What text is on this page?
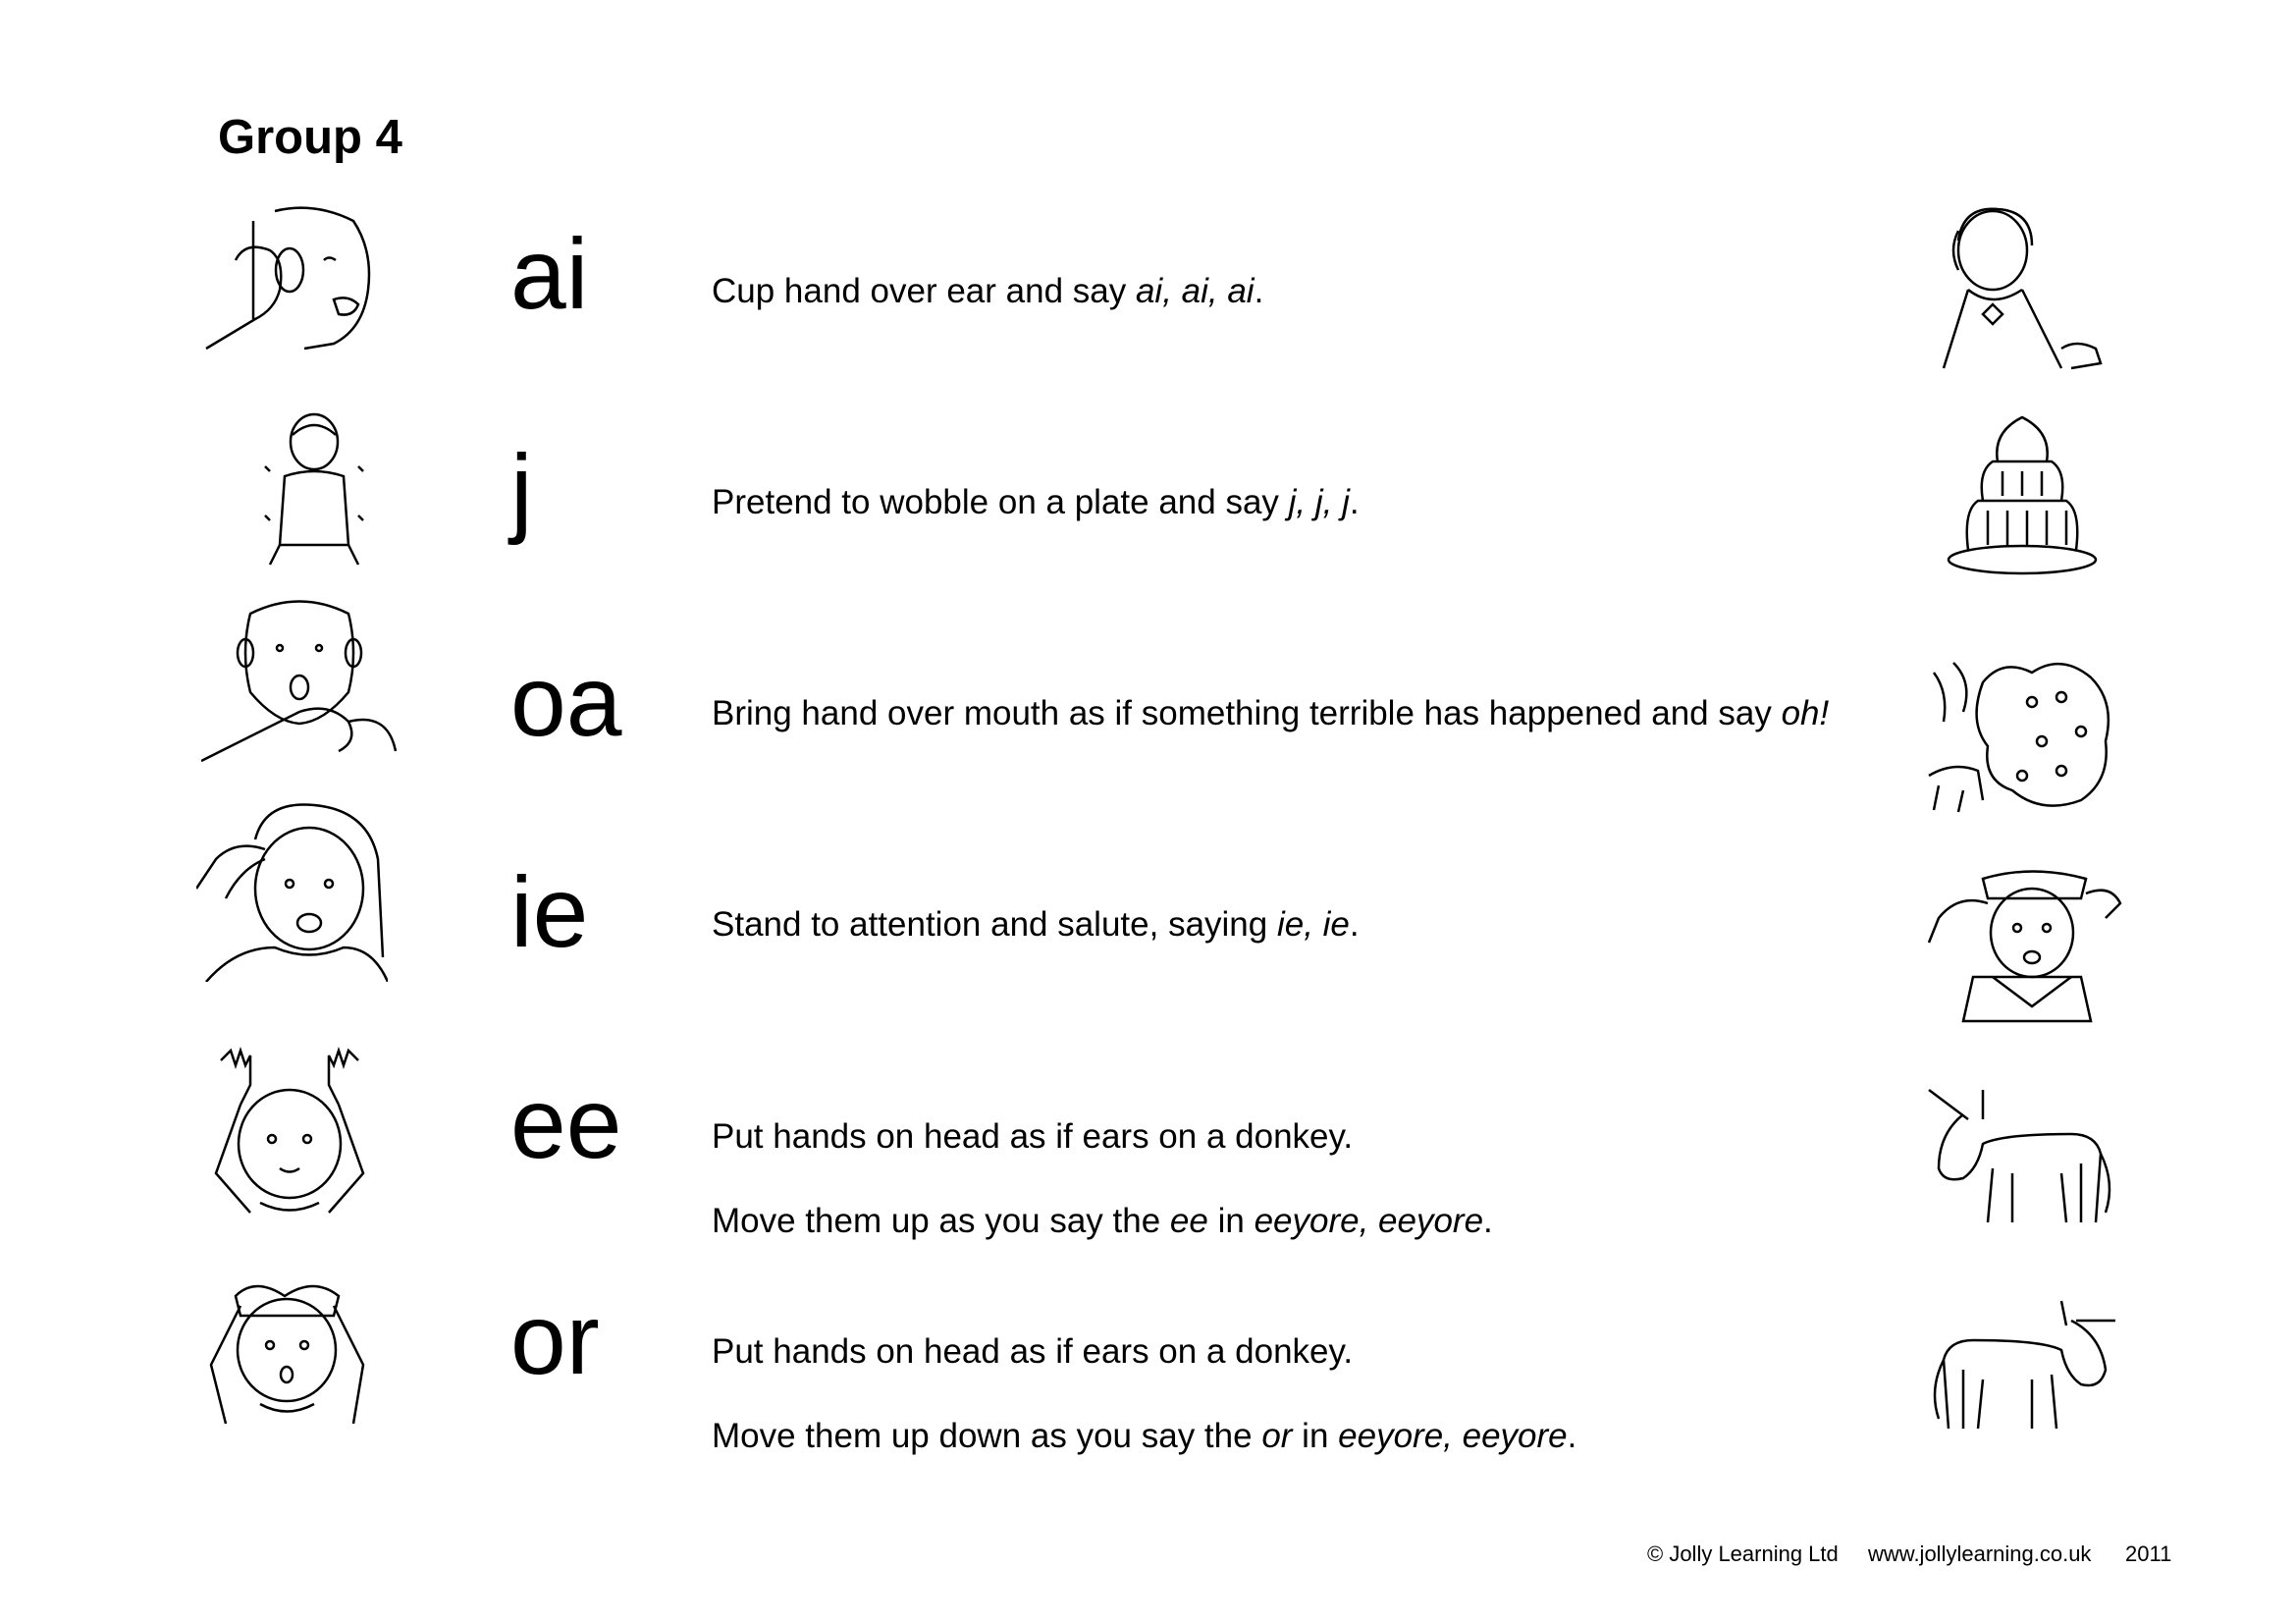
Group 4
ai	Cup hand over ear and say ai, ai, ai.
j	Pretend to wobble on a plate and say j, j, j.
oa	Bring hand over mouth as if something terrible has happened and say oh!
ie	Stand to attention and salute, saying ie, ie.
ee	Put hands on head as if ears on a donkey.
Move them up as you say the ee in eeyore, eeyore.
or	Put hands on head as if ears on a donkey.
Move them up down as you say the or in eeyore, eeyore.
© Jolly Learning Ltd www.jollylearning.co.uk 2011
